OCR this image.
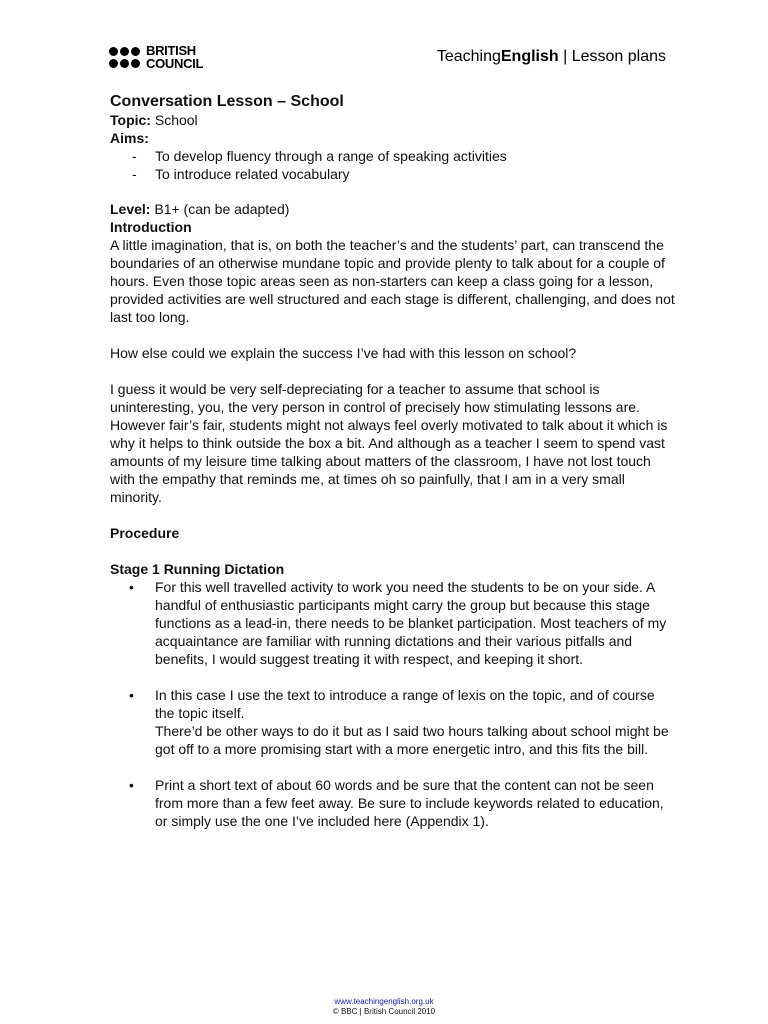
BRITISH
COUNCIL	TeachingEnglish | Lesson plans

Conversation Lesson – School

Topic: School

Aims:

- To develop fluency through a range of speaking activities
- To introduce related vocabulary

Level: B1+ (can be adapted)

Introduction

A little imagination, that is, on both the teacher’s and the students’ part, can transcend the boundaries of an otherwise mundane topic and provide plenty to talk about for a couple of hours. Even those topic areas seen as non-starters can keep a class going for a lesson, provided activities are well structured and each stage is different, challenging, and does not last too long.

How else could we explain the success I’ve had with this lesson on school?

I guess it would be very self-depreciating for a teacher to assume that school is uninteresting, you, the very person in control of precisely how stimulating lessons are. However fair’s fair, students might not always feel overly motivated to talk about it which is why it helps to think outside the box a bit. And although as a teacher I seem to spend vast amounts of my leisure time talking about matters of the classroom, I have not lost touch with the empathy that reminds me, at times oh so painfully, that I am in a very small minority.

Procedure

Stage 1 Running Dictation

• For this well travelled activity to work you need the students to be on your side. A handful of enthusiastic participants might carry the group but because this stage functions as a lead-in, there needs to be blanket participation. Most teachers of my acquaintance are familiar with running dictations and their various pitfalls and benefits, I would suggest treating it with respect, and keeping it short.
• In this case I use the text to introduce a range of lexis on the topic, and of course the topic itself.
There’d be other ways to do it but as I said two hours talking about school might be got off to a more promising start with a more energetic intro, and this fits the bill.
• Print a short text of about 60 words and be sure that the content can not be seen from more than a few feet away. Be sure to include keywords related to education, or simply use the one I’ve included here (Appendix 1).
www.teachingenglish.org.uk
© BBC | British Council 2010
